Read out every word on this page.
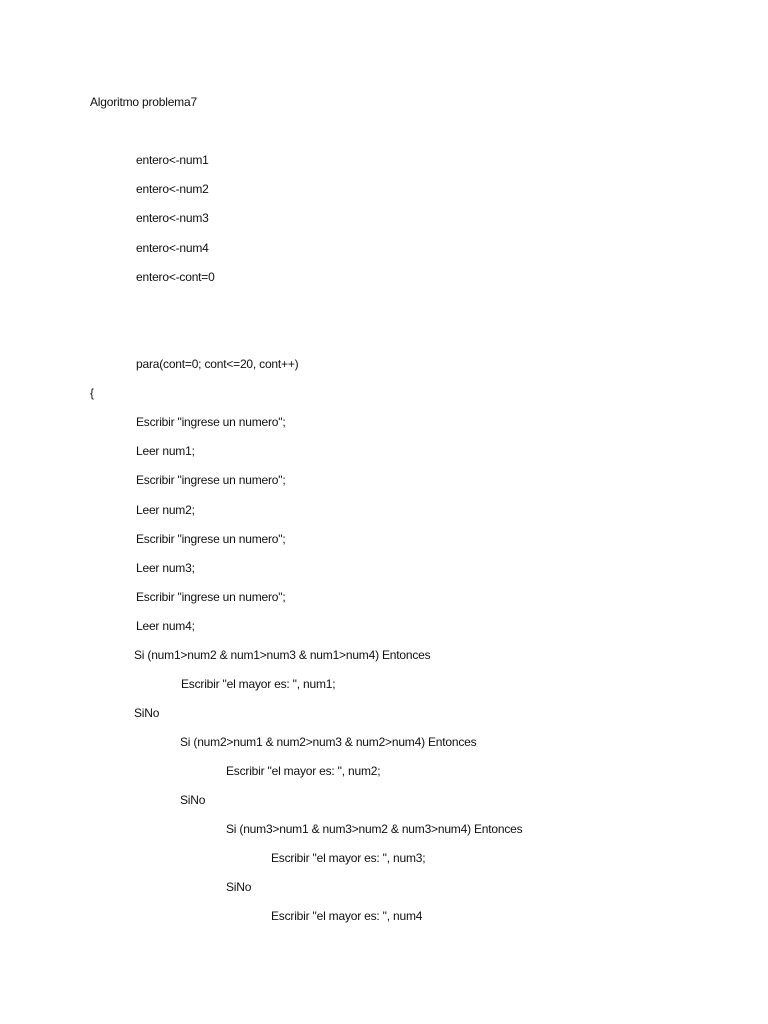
Algoritmo problema7
entero<-num1
entero<-num2
entero<-num3
entero<-num4
entero<-cont=0
para(cont=0; cont<=20, cont++)
{
Escribir "ingrese un numero";
Leer num1;
Escribir "ingrese un numero";
Leer num2;
Escribir "ingrese un numero";
Leer num3;
Escribir "ingrese un numero";
Leer num4;
Si (num1>num2 & num1>num3 & num1>num4) Entonces
Escribir "el mayor es: ", num1;
SiNo
Si (num2>num1 & num2>num3 & num2>num4) Entonces
Escribir "el mayor es: ", num2;
SiNo
Si (num3>num1 & num3>num2 & num3>num4) Entonces
Escribir "el mayor es: ", num3;
SiNo
Escribir "el mayor es: ", num4
